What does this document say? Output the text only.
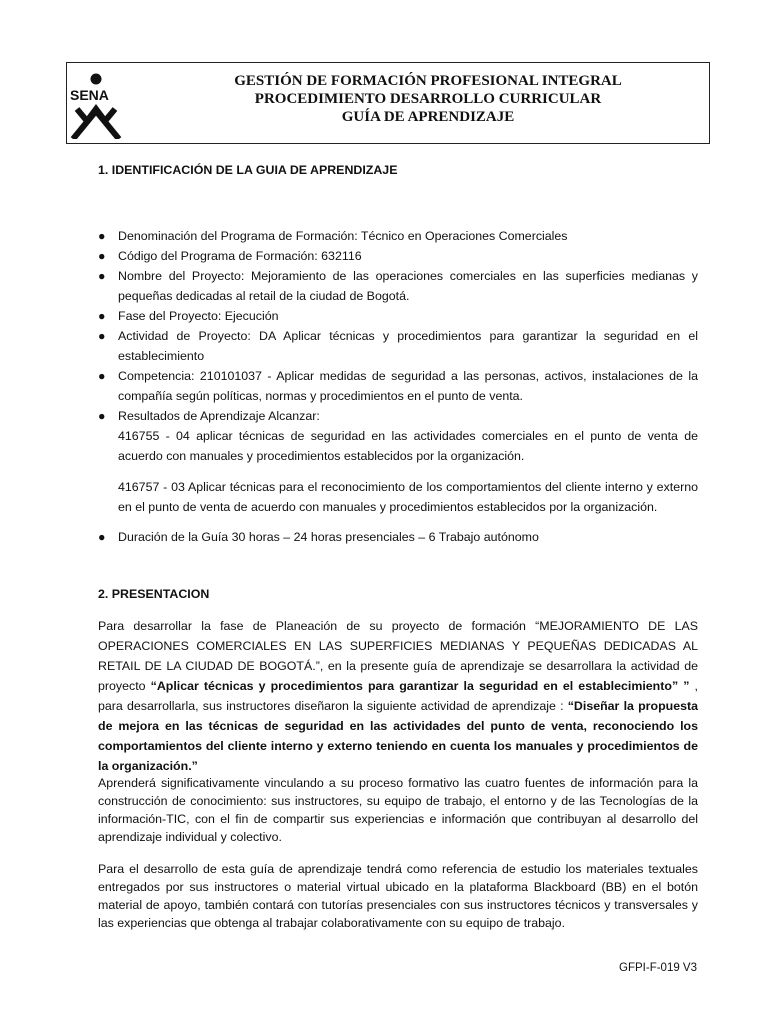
SENA
GESTIÓN DE FORMACIÓN PROFESIONAL INTEGRAL
PROCEDIMIENTO DESARROLLO CURRICULAR
GUÍA DE APRENDIZAJE
1. IDENTIFICACIÓN DE LA GUIA DE APRENDIZAJE
● Denominación del Programa de Formación: Técnico en Operaciones Comerciales
● Código del Programa de Formación: 632116
● Nombre del Proyecto: Mejoramiento de las operaciones comerciales en las superficies medianas y pequeñas dedicadas al retail de la ciudad de Bogotá.
● Fase del Proyecto: Ejecución
● Actividad de Proyecto: DA Aplicar técnicas y procedimientos para garantizar la seguridad en el establecimiento
● Competencia: 210101037 - Aplicar medidas de seguridad a las personas, activos, instalaciones de la compañía según políticas, normas y procedimientos en el punto de venta.
● Resultados de Aprendizaje Alcanzar:

416755 - 04 aplicar técnicas de seguridad en las actividades comerciales en el punto de venta de acuerdo con manuales y procedimientos establecidos por la organización.

416757 - 03 Aplicar técnicas para el reconocimiento de los comportamientos del cliente interno y externo en el punto de venta de acuerdo con manuales y procedimientos establecidos por la organización.

● Duración de la Guía 30 horas – 24 horas presenciales – 6 Trabajo autónomo
2. PRESENTACION

Para desarrollar la fase de Planeación de su proyecto de formación “MEJORAMIENTO DE LAS OPERACIONES COMERCIALES EN LAS SUPERFICIES MEDIANAS Y PEQUEÑAS DEDICADAS AL RETAIL DE LA CIUDAD DE BOGOTÁ.”, en la presente guía de aprendizaje se desarrollara la actividad de proyecto “Aplicar técnicas y procedimientos para garantizar la seguridad en el establecimiento” ” , para desarrollarla, sus instructores diseñaron la siguiente actividad de aprendizaje : “Diseñar la propuesta de mejora en las técnicas de seguridad en las actividades del punto de venta, reconociendo los comportamientos del cliente interno y externo teniendo en cuenta los manuales y procedimientos de la organización.”

Aprenderá significativamente vinculando a su proceso formativo las cuatro fuentes de información para la construcción de conocimiento: sus instructores, su equipo de trabajo, el entorno y de las Tecnologías de la información-TIC, con el fin de compartir sus experiencias e información que contribuyan al desarrollo del aprendizaje individual y colectivo.

Para el desarrollo de esta guía de aprendizaje tendrá como referencia de estudio los materiales textuales entregados por sus instructores o material virtual ubicado en la plataforma Blackboard (BB) en el botón material de apoyo, también contará con tutorías presenciales con sus instructores técnicos y transversales y las experiencias que obtenga al trabajar colaborativamente con su equipo de trabajo.

GFPI-F-019 V3
